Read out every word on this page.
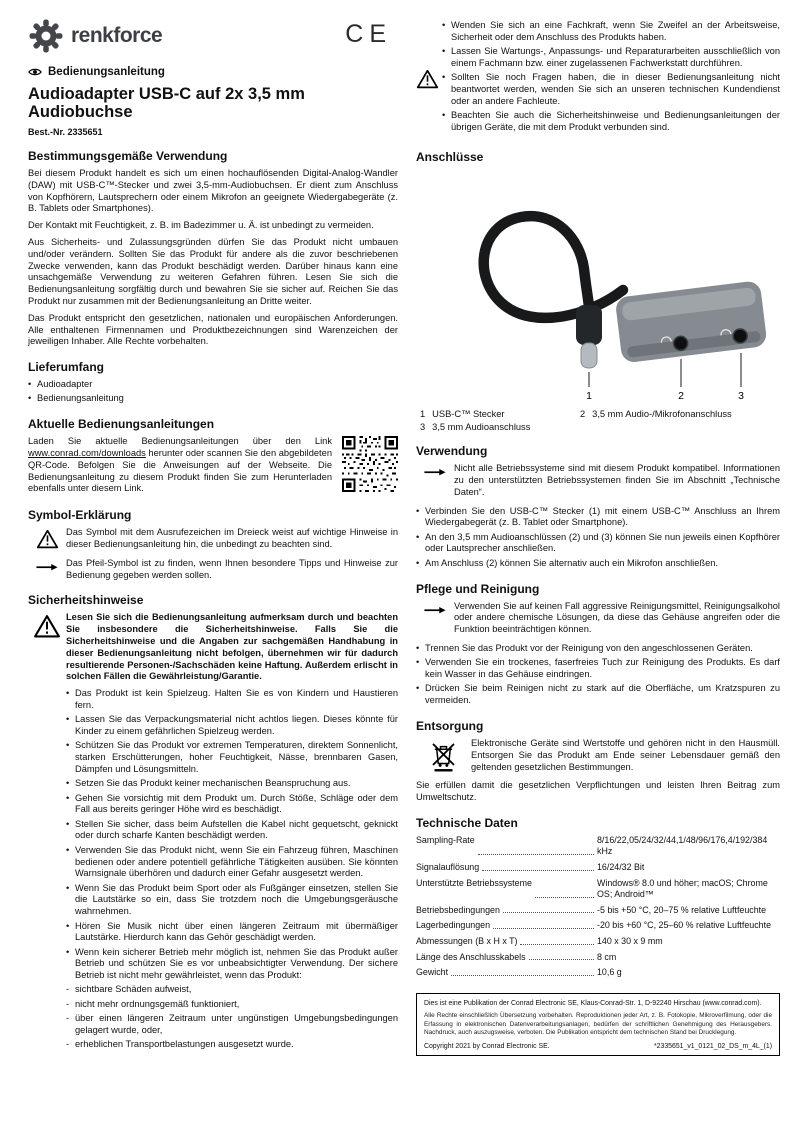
renkforce	CE
Bedienungsanleitung
Audioadapter USB-C auf 2x 3,5 mm Audiobuchse
Best.-Nr. 2335651
Bestimmungsgemäße Verwendung

Bei diesem Produkt handelt es sich um einen hochauflösenden Digital-Analog-Wandler (DAW) mit USB-C™-Stecker und zwei 3,5-mm-Audiobuchsen. Er dient zum Anschluss von Kopfhörern, Lautsprechern oder einem Mikrofon an geeignete Wiedergabegeräte (z. B. Tablets oder Smartphones).

Der Kontakt mit Feuchtigkeit, z. B. im Badezimmer u. Ä. ist unbedingt zu vermeiden.

Aus Sicherheits- und Zulassungsgründen dürfen Sie das Produkt nicht umbauen und/oder verändern. Sollten Sie das Produkt für andere als die zuvor beschriebenen Zwecke verwenden, kann das Produkt beschädigt werden. Darüber hinaus kann eine unsachgemäße Verwendung zu weiteren Gefahren führen. Lesen Sie sich die Bedienungsanleitung sorgfältig durch und bewahren Sie sie sicher auf. Reichen Sie das Produkt nur zusammen mit der Bedienungsanleitung an Dritte weiter.

Das Produkt entspricht den gesetzlichen, nationalen und europäischen Anforderungen. Alle enthaltenen Firmennamen und Produktbezeichnungen sind Warenzeichen der jeweiligen Inhaber. Alle Rechte vorbehalten.

Lieferumfang
• Audioadapter
• Bedienungsanleitung
Aktuelle Bedienungsanleitungen
Laden Sie aktuelle Bedienungsanleitungen über den Link www.conrad.com/downloads herunter oder scannen Sie den abgebildeten QR-Code. Befolgen Sie die Anweisungen auf der Webseite. Die Bedienungsanleitung zu diesem Produkt finden Sie zum Herunterladen ebenfalls unter diesem Link.
Symbol-Erklärung
Das Symbol mit dem Ausrufezeichen im Dreieck weist auf wichtige Hinweise in dieser Bedienungsanleitung hin, die unbedingt zu beachten sind.
Das Pfeil-Symbol ist zu finden, wenn Ihnen besondere Tipps und Hinweise zur Bedienung gegeben werden sollen.
Sicherheitshinweise

Lesen Sie sich die Bedienungsanleitung aufmerksam durch und beachten Sie insbesondere die Sicherheitshinweise. Falls Sie die Sicherheitshinweise und die Angaben zur sachgemäßen Handhabung in dieser Bedienungsanleitung nicht befolgen, übernehmen wir für dadurch resultierende Personen-/Sachschäden keine Haftung. Außerdem erlischt in solchen Fällen die Gewährleistung/Garantie.

• Das Produkt ist kein Spielzeug. Halten Sie es von Kindern und Haustieren fern.
• Lassen Sie das Verpackungsmaterial nicht achtlos liegen. Dieses könnte für Kinder zu einem gefährlichen Spielzeug werden.
• Schützen Sie das Produkt vor extremen Temperaturen, direktem Sonnenlicht, starken Erschütterungen, hoher Feuchtigkeit, Nässe, brennbaren Gasen, Dämpfen und Lösungsmitteln.
• Setzen Sie das Produkt keiner mechanischen Beanspruchung aus.
• Gehen Sie vorsichtig mit dem Produkt um. Durch Stöße, Schläge oder dem Fall aus bereits geringer Höhe wird es beschädigt.
• Stellen Sie sicher, dass beim Aufstellen die Kabel nicht gequetscht, geknickt oder durch scharfe Kanten beschädigt werden.
• Verwenden Sie das Produkt nicht, wenn Sie ein Fahrzeug führen, Maschinen bedienen oder andere potentiell gefährliche Tätigkeiten ausüben. Sie könnten Warnsignale überhören und dadurch einer Gefahr ausgesetzt werden.
• Wenn Sie das Produkt beim Sport oder als Fußgänger einsetzen, stellen Sie die Lautstärke so ein, dass Sie trotzdem noch die Umgebungsgeräusche wahrnehmen.
• Hören Sie Musik nicht über einen längeren Zeitraum mit übermäßiger Lautstärke. Hierdurch kann das Gehör geschädigt werden.
• Wenn kein sicherer Betrieb mehr möglich ist, nehmen Sie das Produkt außer Betrieb und schützen Sie es vor unbeabsichtigter Verwendung. Der sichere Betrieb ist nicht mehr gewährleistet, wenn das Produkt:
- sichtbare Schäden aufweist,
- nicht mehr ordnungsgemäß funktioniert,
- über einen längeren Zeitraum unter ungünstigen Umgebungsbedingungen gelagert wurde, oder,
- erheblichen Transportbelastungen ausgesetzt wurde.
• Wenden Sie sich an eine Fachkraft, wenn Sie Zweifel an der Arbeitsweise, Sicherheit oder dem Anschluss des Produkts haben.
• Lassen Sie Wartungs-, Anpassungs- und Reparaturarbeiten ausschließlich von einem Fachmann bzw. einer zugelassenen Fachwerkstatt durchführen.
• Sollten Sie noch Fragen haben, die in dieser Bedienungsanleitung nicht beantwortet werden, wenden Sie sich an unseren technischen Kundendienst oder an andere Fachleute.
• Beachten Sie auch die Sicherheitshinweise und Bedienungsanleitungen der übrigen Geräte, die mit dem Produkt verbunden sind.
Anschlüsse
1	2	3
1 USB-C™ Stecker	2 3,5 mm Audio-/Mikrofonanschluss
3 3,5 mm Audioanschluss
Verwendung
Nicht alle Betriebssysteme sind mit diesem Produkt kompatibel. Informationen zu den unterstützten Betriebssystemen finden Sie im Abschnitt „Technische Daten“.
• Verbinden Sie den USB-C™ Stecker (1) mit einem USB-C™ Anschluss an Ihrem Wiedergabegerät (z. B. Tablet oder Smartphone).
• An den 3,5 mm Audioanschlüssen (2) und (3) können Sie nun jeweils einen Kopfhörer oder Lautsprecher anschließen.
• Am Anschluss (2) können Sie alternativ auch ein Mikrofon anschließen.
Pflege und Reinigung
Verwenden Sie auf keinen Fall aggressive Reinigungsmittel, Reinigungsalkohol oder andere chemische Lösungen, da diese das Gehäuse angreifen oder die Funktion beeinträchtigen können.
• Trennen Sie das Produkt vor der Reinigung von den angeschlossenen Geräten.
• Verwenden Sie ein trockenes, faserfreies Tuch zur Reinigung des Produkts. Es darf kein Wasser in das Gehäuse eindringen.
• Drücken Sie beim Reinigen nicht zu stark auf die Oberfläche, um Kratzspuren zu vermeiden.
Entsorgung
Elektronische Geräte sind Wertstoffe und gehören nicht in den Hausmüll. Entsorgen Sie das Produkt am Ende seiner Lebensdauer gemäß den geltenden gesetzlichen Bestimmungen.

Sie erfüllen damit die gesetzlichen Verpflichtungen und leisten Ihren Beitrag zum Umweltschutz.

Technische Daten
Sampling-Rate	8/16/22,05/24/32/44,1/48/96/176,4/192/384 kHz
Signalauflösung	16/24/32 Bit
Unterstützte Betriebssysteme	Windows® 8.0 und höher; macOS; Chrome OS; Android™
Betriebsbedingungen	-5 bis +50 °C, 20–75 % relative Luftfeuchte
Lagerbedingungen	-20 bis +60 °C, 25–60 % relative Luftfeuchte
Abmessungen (B x H x T)	140 x 30 x 9 mm
Länge des Anschlusskabels	8 cm
Gewicht	10,6 g
Dies ist eine Publikation der Conrad Electronic SE, Klaus-Conrad-Str. 1, D-92240 Hirschau (www.conrad.com).
Alle Rechte einschließlich Übersetzung vorbehalten. Reproduktionen jeder Art, z. B. Fotokopie, Mikroverfilmung, oder die Erfassung in elektronischen Datenverarbeitungsanlagen, bedürfen der schriftlichen Genehmigung des Herausgebers. Nachdruck, auch auszugsweise, verboten. Die Publikation entspricht dem technischen Stand bei Drucklegung.
Copyright 2021 by Conrad Electronic SE.	*2335651_v1_0121_02_DS_m_4L_(1)
